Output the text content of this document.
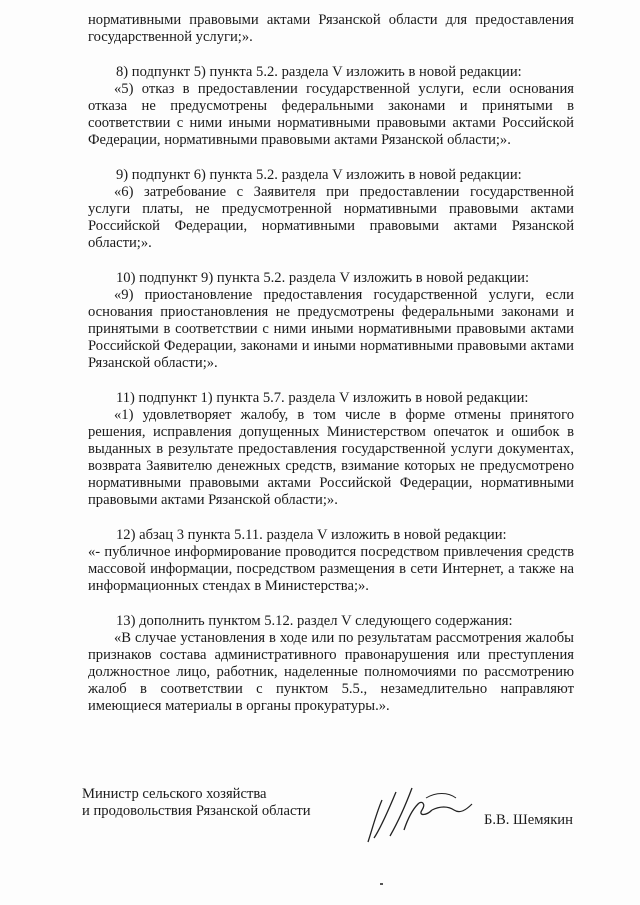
нормативными правовыми актами Рязанской области для предоставления государственной услуги;».

8) подпункт 5) пункта 5.2. раздела V изложить в новой редакции:

«5) отказ в предоставлении государственной услуги, если основания отказа не предусмотрены федеральными законами и принятыми в соответствии с ними иными нормативными правовыми актами Российской Федерации, нормативными правовыми актами Рязанской области;».

9) подпункт 6) пункта 5.2. раздела V изложить в новой редакции:

«6) затребование с Заявителя при предоставлении государственной услуги платы, не предусмотренной нормативными правовыми актами Российской Федерации, нормативными правовыми актами Рязанской области;».

10) подпункт 9) пункта 5.2. раздела V изложить в новой редакции:

«9) приостановление предоставления государственной услуги, если основания приостановления не предусмотрены федеральными законами и принятыми в соответствии с ними иными нормативными правовыми актами Российской Федерации, законами и иными нормативными правовыми актами Рязанской области;».

11) подпункт 1) пункта 5.7. раздела V изложить в новой редакции:

«1) удовлетворяет жалобу, в том числе в форме отмены принятого решения, исправления допущенных Министерством опечаток и ошибок в выданных в результате предоставления государственной услуги документах, возврата Заявителю денежных средств, взимание которых не предусмотрено нормативными правовыми актами Российской Федерации, нормативными правовыми актами Рязанской области;».

12) абзац 3 пункта 5.11. раздела V изложить в новой редакции:

«- публичное информирование проводится посредством привлечения средств массовой информации, посредством размещения в сети Интернет, а также на информационных стендах в Министерства;».

13) дополнить пунктом 5.12. раздел V следующего содержания:

«В случае установления в ходе или по результатам рассмотрения жалобы признаков состава административного правонарушения или преступления должностное лицо, работник, наделенные полномочиями по рассмотрению жалоб в соответствии с пунктом 5.5., незамедлительно направляют имеющиеся материалы в органы прокуратуры.».

Министр сельского хозяйства
и продовольствия Рязанской области
Б.В. Шемякин
